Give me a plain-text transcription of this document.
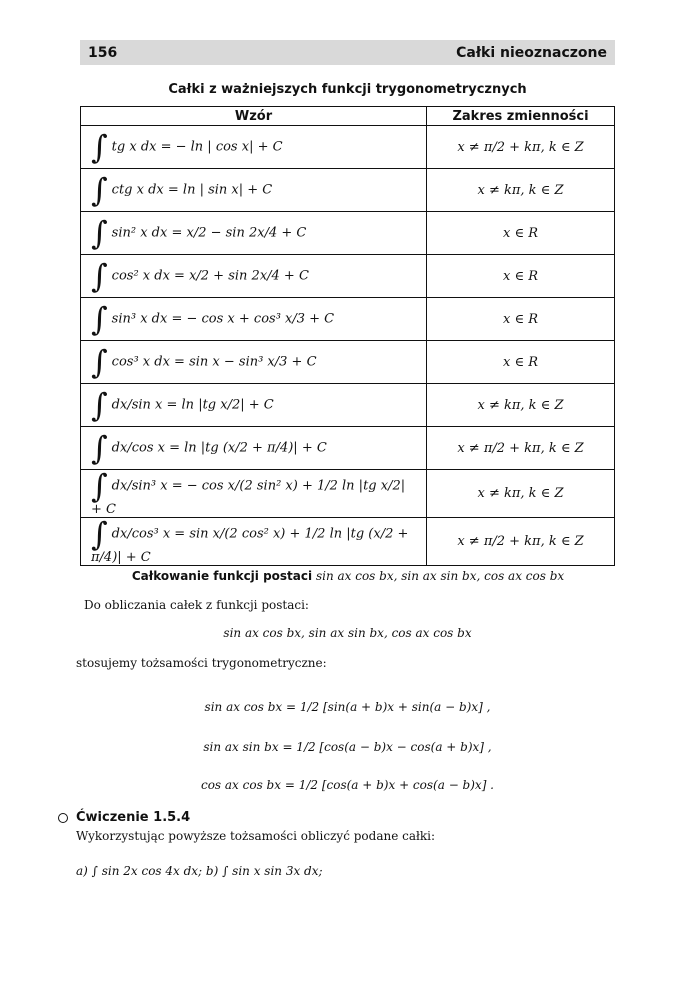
156	Całki nieoznaczone
Całki z ważniejszych funkcji trygonometrycznych
Wzór	Zakres zmienności
∫ tg x dx = − ln | cos x| + C	x ≠ π/2 + kπ, k ∈ Z
∫ ctg x dx = ln | sin x| + C	x ≠ kπ, k ∈ Z
∫ sin² x dx = x/2 − sin 2x/4 + C	x ∈ R
∫ cos² x dx = x/2 + sin 2x/4 + C	x ∈ R
∫ sin³ x dx = − cos x + cos³ x/3 + C	x ∈ R
∫ cos³ x dx = sin x − sin³ x/3 + C	x ∈ R
∫ dx/sin x = ln |tg x/2| + C	x ≠ kπ, k ∈ Z
∫ dx/cos x = ln |tg (x/2 + π/4)| + C	x ≠ π/2 + kπ, k ∈ Z
∫ dx/sin³ x = − cos x/(2 sin² x) + 1/2 ln |tg x/2| + C	x ≠ kπ, k ∈ Z
∫ dx/cos³ x = sin x/(2 cos² x) + 1/2 ln |tg (x/2 + π/4)| + C	x ≠ π/2 + kπ, k ∈ Z
Całkowanie funkcji postaci sin ax cos bx, sin ax sin bx, cos ax cos bx
Do obliczania całek z funkcji postaci:
sin ax cos bx, sin ax sin bx, cos ax cos bx
stosujemy tożsamości trygonometryczne:
sin ax cos bx = 1/2 [sin(a + b)x + sin(a − b)x] ,
sin ax sin bx = 1/2 [cos(a − b)x − cos(a + b)x] ,
cos ax cos bx = 1/2 [cos(a + b)x + cos(a − b)x] .
Ćwiczenie 1.5.4
Wykorzystując powyższe tożsamości obliczyć podane całki:
a) ∫ sin 2x cos 4x dx; b) ∫ sin x sin 3x dx;
